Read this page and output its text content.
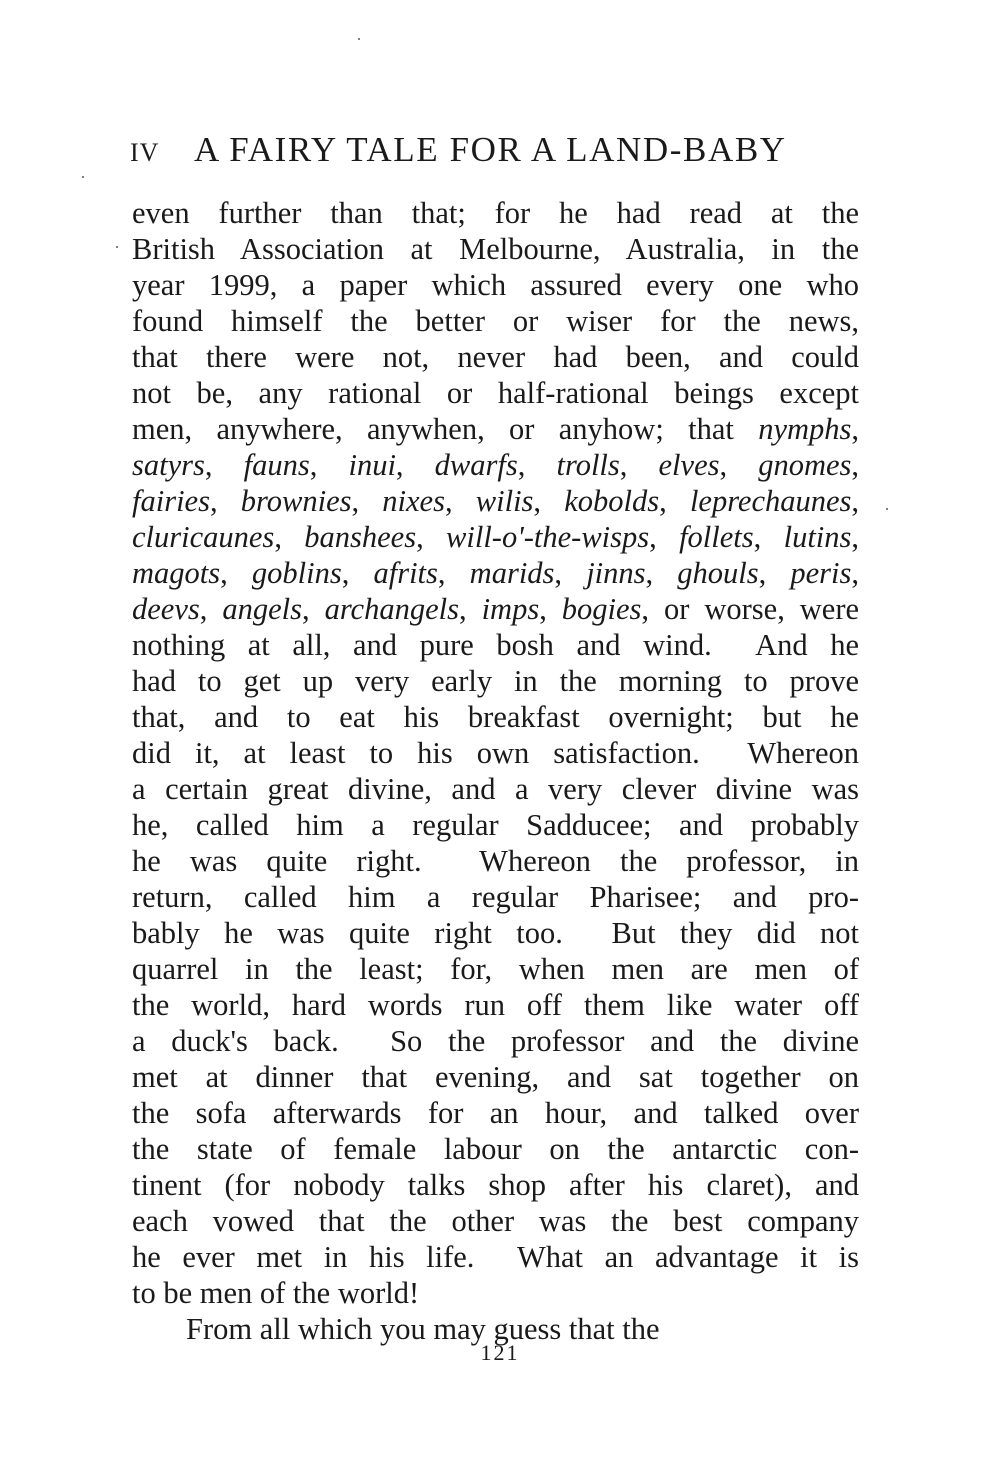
IV A FAIRY TALE FOR A LAND-BABY
even further than that; for he had read at the
British Association at Melbourne, Australia, in the
year 1999, a paper which assured every one who
found himself the better or wiser for the news,
that there were not, never had been, and could
not be, any rational or half-rational beings except
men, anywhere, anywhen, or anyhow; that nymphs,
satyrs, fauns, inui, dwarfs, trolls, elves, gnomes,
fairies, brownies, nixes, wilis, kobolds, leprechaunes,
cluricaunes, banshees, will-o'-the-wisps, follets, lutins,
magots, goblins, afrits, marids, jinns, ghouls, peris,
deevs, angels, archangels, imps, bogies, or worse, were
nothing at all, and pure bosh and wind.  And he
had to get up very early in the morning to prove
that, and to eat his breakfast overnight; but he
did it, at least to his own satisfaction.  Whereon
a certain great divine, and a very clever divine was
he, called him a regular Sadducee; and probably
he was quite right.  Whereon the professor, in
return, called him a regular Pharisee; and pro-
bably he was quite right too.  But they did not
quarrel in the least; for, when men are men of
the world, hard words run off them like water off
a duck's back.  So the professor and the divine
met at dinner that evening, and sat together on
the sofa afterwards for an hour, and talked over
the state of female labour on the antarctic con-
tinent (for nobody talks shop after his claret), and
each vowed that the other was the best company
he ever met in his life.  What an advantage it is
to be men of the world!
From all which you may guess that the
121
